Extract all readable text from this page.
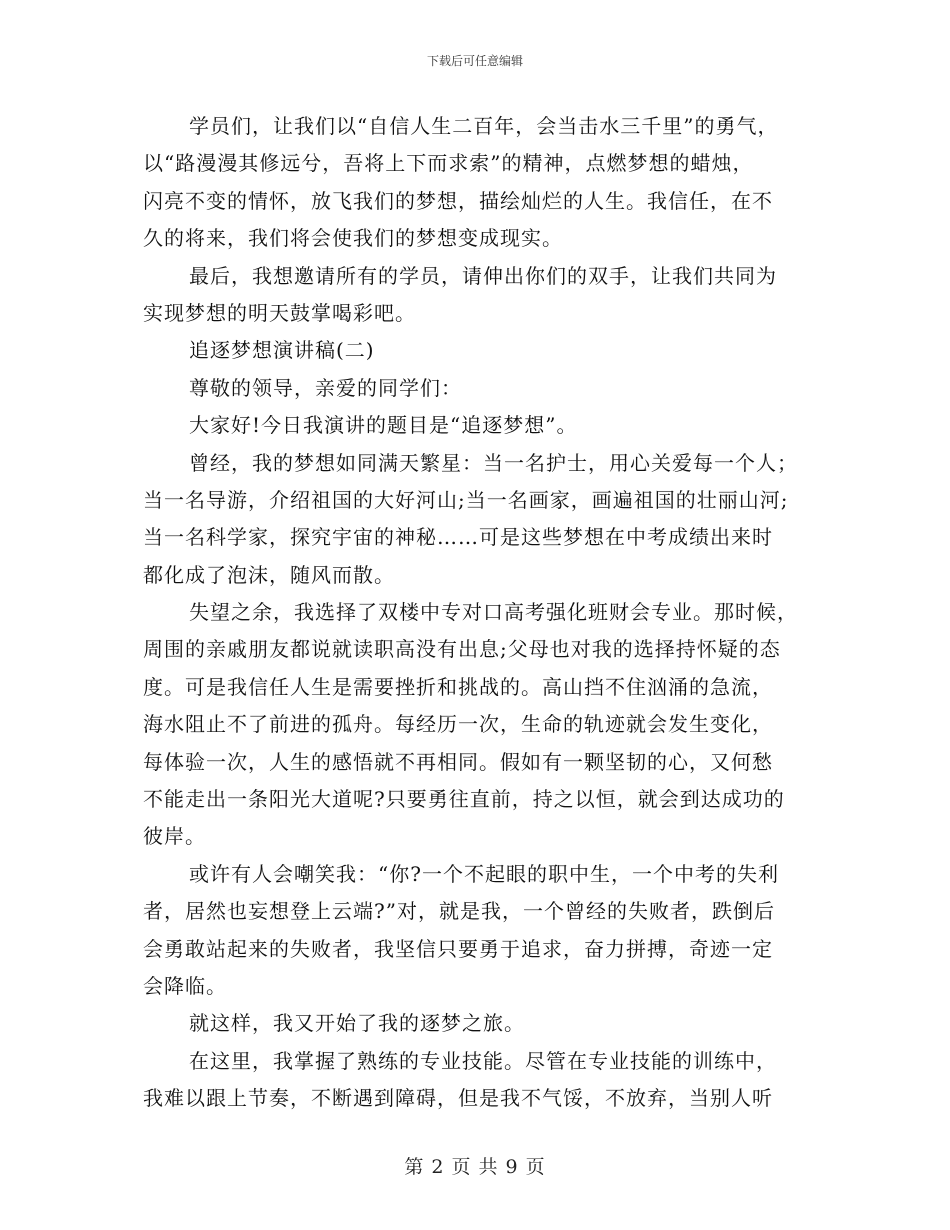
下载后可任意编辑
学员们，让我们以“自信人生二百年，会当击水三千里”的勇气，
以“路漫漫其修远兮，吾将上下而求索”的精神，点燃梦想的蜡烛，
闪亮不变的情怀，放飞我们的梦想，描绘灿烂的人生。我信任，在不
久的将来，我们将会使我们的梦想变成现实。
最后，我想邀请所有的学员，请伸出你们的双手，让我们共同为
实现梦想的明天鼓掌喝彩吧。
追逐梦想演讲稿(二)
尊敬的领导，亲爱的同学们：
大家好!今日我演讲的题目是“追逐梦想”。
曾经，我的梦想如同满天繁星：当一名护士，用心关爱每一个人；
当一名导游，介绍祖国的大好河山;当一名画家，画遍祖国的壮丽山河;
当一名科学家，探究宇宙的神秘……可是这些梦想在中考成绩出来时
都化成了泡沫，随风而散。
失望之余，我选择了双楼中专对口高考强化班财会专业。那时候，
周围的亲戚朋友都说就读职高没有出息;父母也对我的选择持怀疑的态
度。可是我信任人生是需要挫折和挑战的。高山挡不住汹涌的急流，
海水阻止不了前进的孤舟。每经历一次，生命的轨迹就会发生变化，
每体验一次，人生的感悟就不再相同。假如有一颗坚韧的心，又何愁
不能走出一条阳光大道呢?只要勇往直前，持之以恒，就会到达成功的
彼岸。
或许有人会嘲笑我：“你?一个不起眼的职中生，一个中考的失利
者，居然也妄想登上云端?”对，就是我，一个曾经的失败者，跌倒后
会勇敢站起来的失败者，我坚信只要勇于追求，奋力拼搏，奇迹一定
会降临。
就这样，我又开始了我的逐梦之旅。
在这里，我掌握了熟练的专业技能。尽管在专业技能的训练中，
我难以跟上节奏，不断遇到障碍，但是我不气馁，不放弃，当别人听
第 2 页 共 9 页
